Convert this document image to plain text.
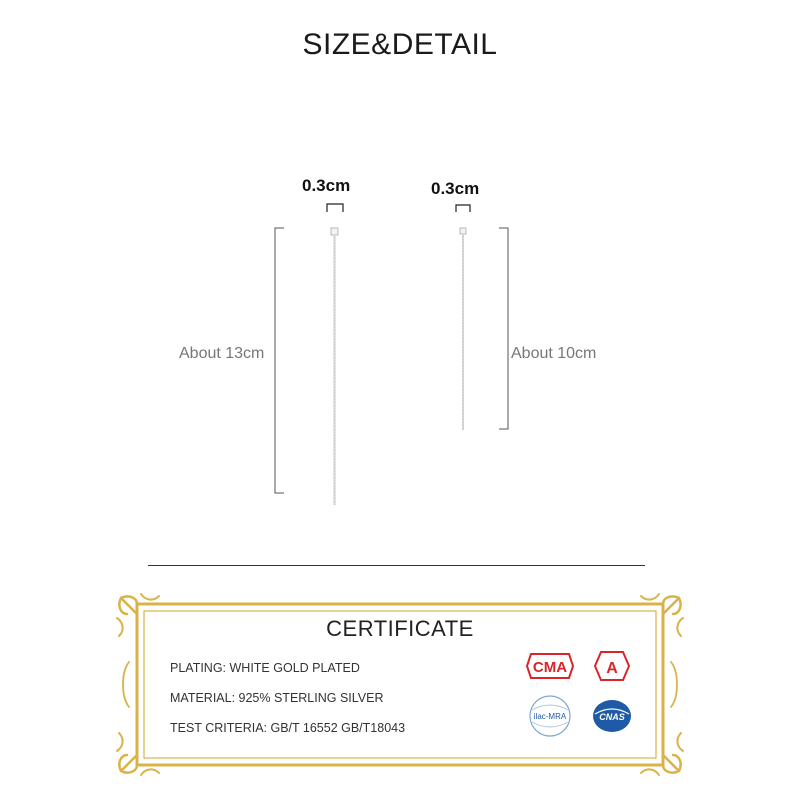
SIZE&DETAIL
0.3cm
About 13cm
0.3cm
About 10cm
CERTIFICATE
PLATING: WHITE GOLD PLATED
MATERIAL: 925% STERLING SILVER
TEST CRITERIA: GB/T 16552 GB/T18043
CMA A
ilac-MRA	CNAS
